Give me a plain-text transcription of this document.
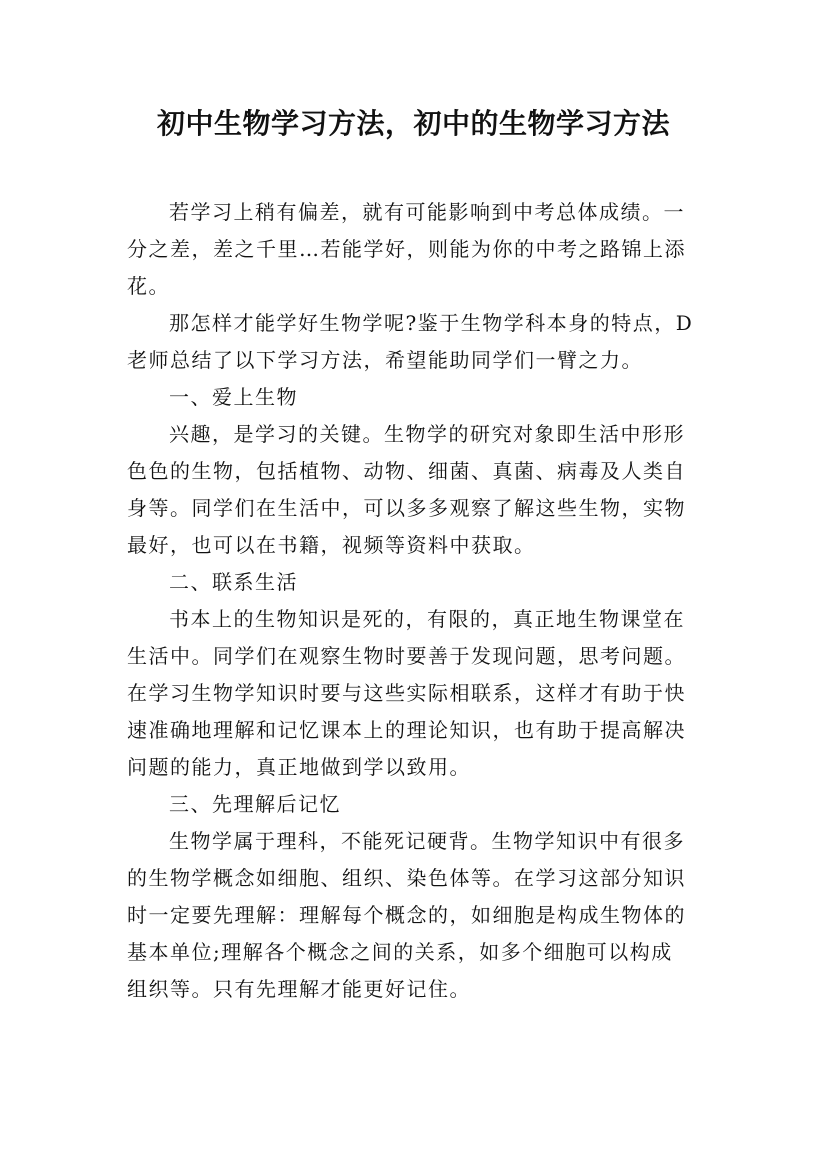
初中生物学习方法，初中的生物学习方法
若学习上稍有偏差，就有可能影响到中考总体成绩。一
分之差，差之千里…若能学好，则能为你的中考之路锦上添
花。
那怎样才能学好生物学呢?鉴于生物学科本身的特点，D
老师总结了以下学习方法，希望能助同学们一臂之力。
一、爱上生物
兴趣，是学习的关键。生物学的研究对象即生活中形形
色色的生物，包括植物、动物、细菌、真菌、病毒及人类自
身等。同学们在生活中，可以多多观察了解这些生物，实物
最好，也可以在书籍，视频等资料中获取。
二、联系生活
书本上的生物知识是死的，有限的，真正地生物课堂在
生活中。同学们在观察生物时要善于发现问题，思考问题。
在学习生物学知识时要与这些实际相联系，这样才有助于快
速准确地理解和记忆课本上的理论知识，也有助于提高解决
问题的能力，真正地做到学以致用。
三、先理解后记忆
生物学属于理科，不能死记硬背。生物学知识中有很多
的生物学概念如细胞、组织、染色体等。在学习这部分知识
时一定要先理解：理解每个概念的，如细胞是构成生物体的
基本单位;理解各个概念之间的关系，如多个细胞可以构成
组织等。只有先理解才能更好记住。
